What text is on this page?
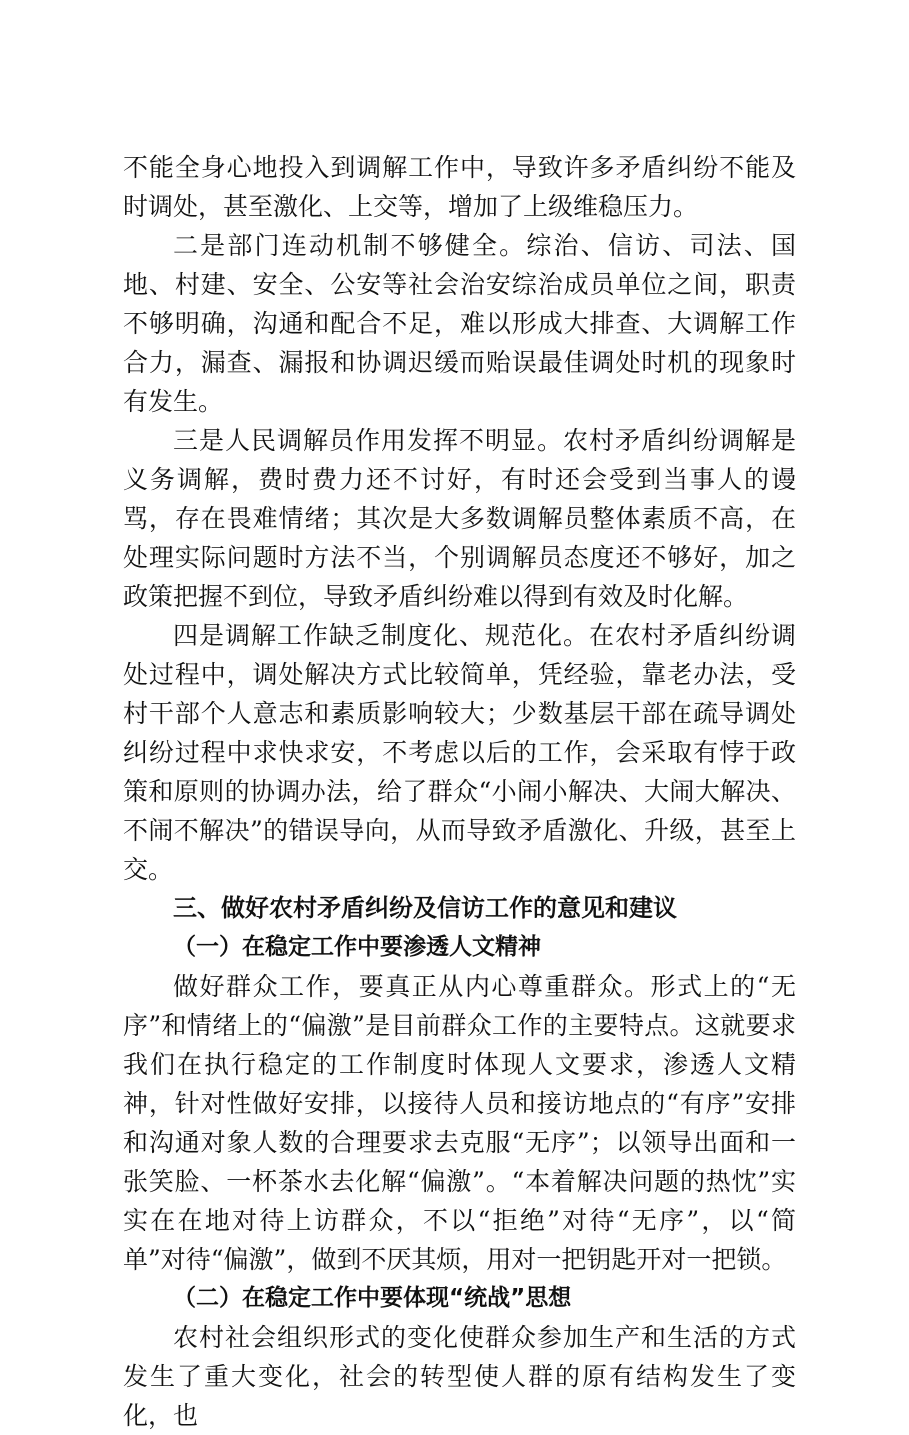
不能全身心地投入到调解工作中，导致许多矛盾纠纷不能及时调处，甚至激化、上交等，增加了上级维稳压力。

二是部门连动机制不够健全。综治、信访、司法、国地、村建、安全、公安等社会治安综治成员单位之间，职责不够明确，沟通和配合不足，难以形成大排查、大调解工作合力，漏查、漏报和协调迟缓而贻误最佳调处时机的现象时有发生。

三是人民调解员作用发挥不明显。农村矛盾纠纷调解是义务调解，费时费力还不讨好，有时还会受到当事人的谩骂，存在畏难情绪；其次是大多数调解员整体素质不高，在处理实际问题时方法不当，个别调解员态度还不够好，加之政策把握不到位，导致矛盾纠纷难以得到有效及时化解。

四是调解工作缺乏制度化、规范化。在农村矛盾纠纷调处过程中，调处解决方式比较简单，凭经验，靠老办法，受村干部个人意志和素质影响较大；少数基层干部在疏导调处纠纷过程中求快求安，不考虑以后的工作，会采取有悖于政策和原则的协调办法，给了群众“小闹小解决、大闹大解决、不闹不解决”的错误导向，从而导致矛盾激化、升级，甚至上交。

三、做好农村矛盾纠纷及信访工作的意见和建议

（一）在稳定工作中要渗透人文精神

做好群众工作，要真正从内心尊重群众。形式上的“无序”和情绪上的“偏激”是目前群众工作的主要特点。这就要求我们在执行稳定的工作制度时体现人文要求，渗透人文精神，针对性做好安排，以接待人员和接访地点的“有序”安排和沟通对象人数的合理要求去克服“无序”；以领导出面和一张笑脸、一杯茶水去化解“偏激”。“本着解决问题的热忱”实实在在地对待上访群众，不以“拒绝”对待“无序”，以“简单”对待“偏激”，做到不厌其烦，用对一把钥匙开对一把锁。

（二）在稳定工作中要体现“统战”思想

农村社会组织形式的变化使群众参加生产和生活的方式发生了重大变化，社会的转型使人群的原有结构发生了变化，也
